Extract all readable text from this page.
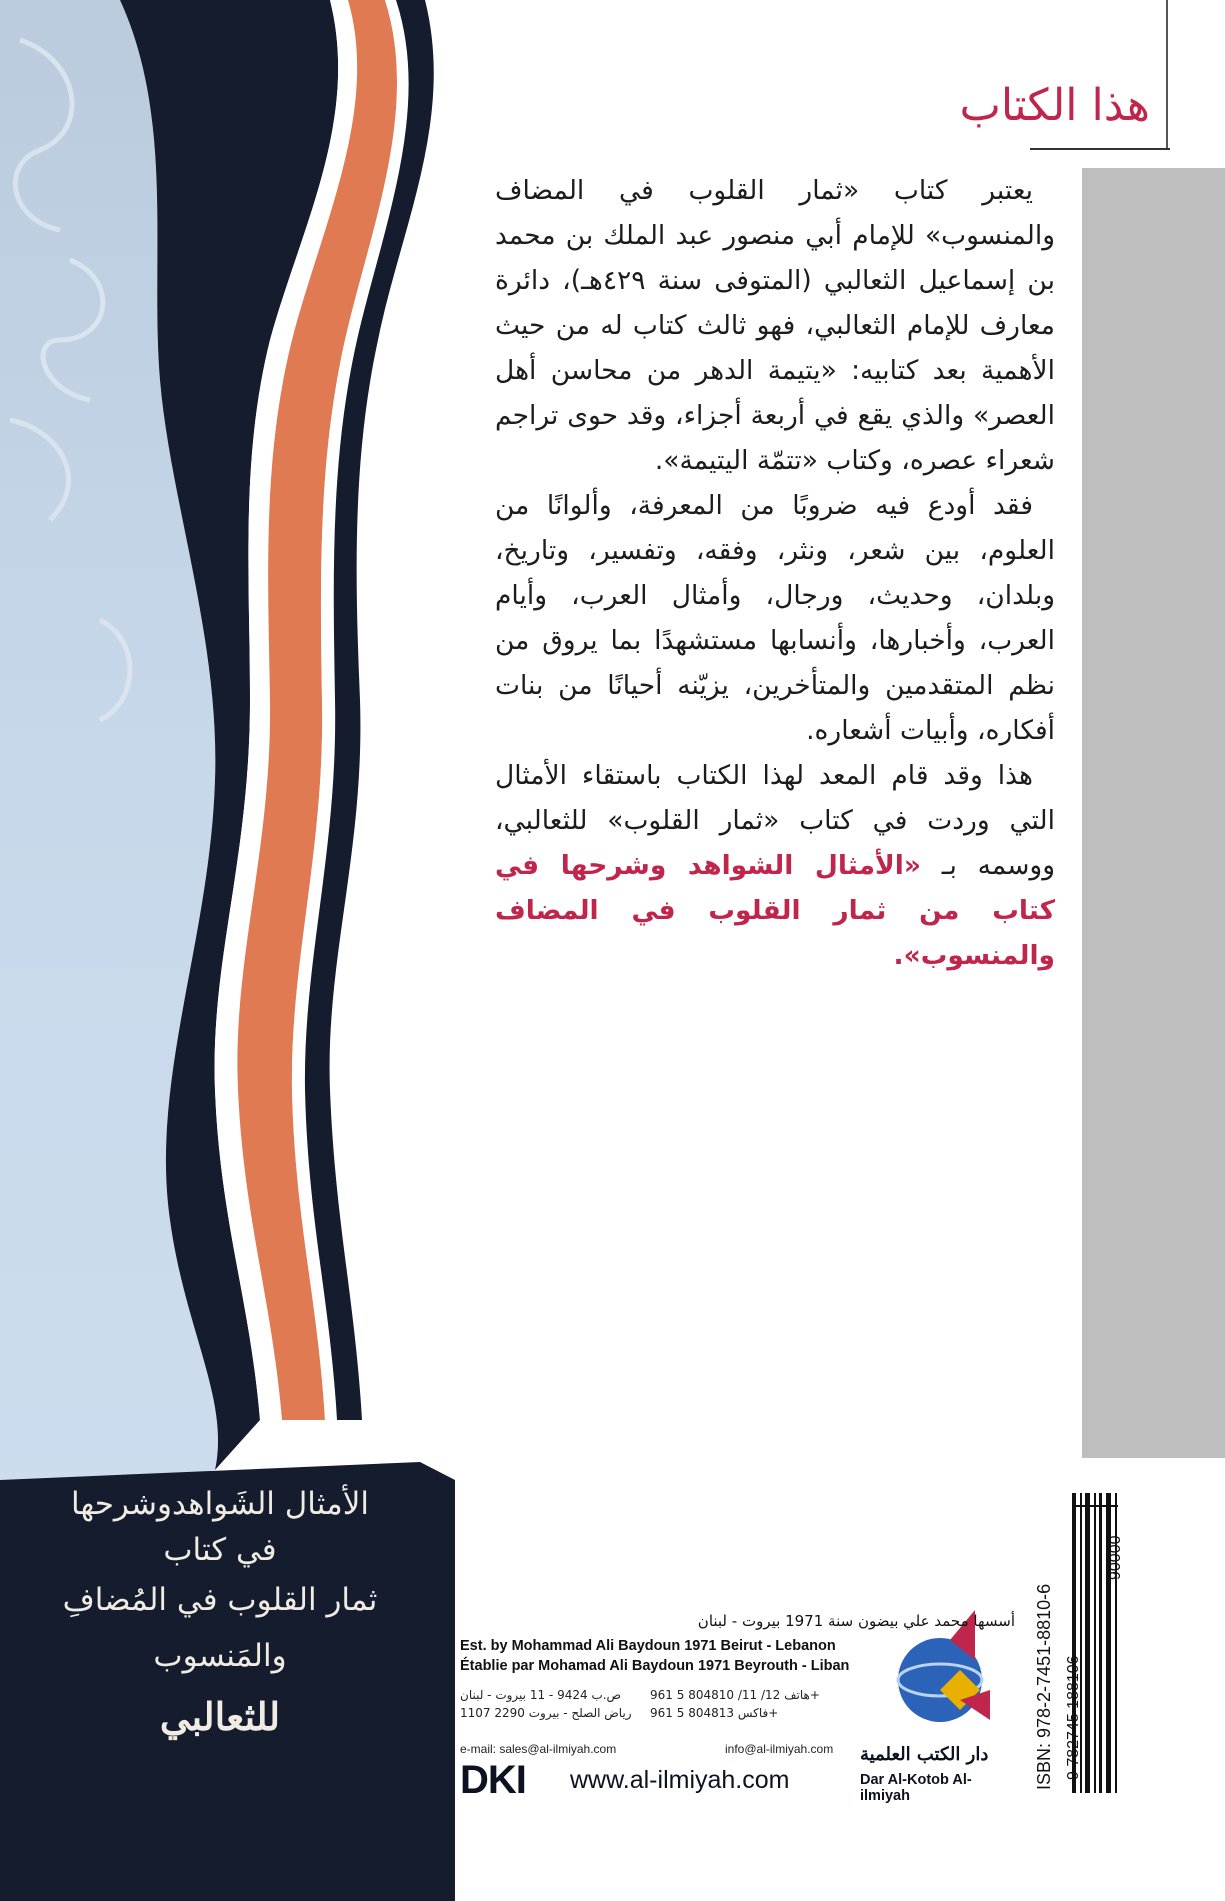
هذا الكتاب

يعتبر كتاب «ثمار القلوب في المضاف والمنسوب» للإمام أبي منصور عبد الملك بن محمد بن إسماعيل الثعالبي (المتوفى سنة ٤٢٩هـ)، دائرة معارف للإمام الثعالبي، فهو ثالث كتاب له من حيث الأهمية بعد كتابيه: «يتيمة الدهر من محاسن أهل العصر» والذي يقع في أربعة أجزاء، وقد حوى تراجم شعراء عصره، وكتاب «تتمّة اليتيمة».

فقد أودع فيه ضروبًا من المعرفة، وألوانًا من العلوم، بين شعر، ونثر، وفقه، وتفسير، وتاريخ، وبلدان، وحديث، ورجال، وأمثال العرب، وأيام العرب، وأخبارها، وأنسابها مستشهدًا بما يروق من نظم المتقدمين والمتأخرين، يزيّنه أحيانًا من بنات أفكاره، وأبيات أشعاره.

هذا وقد قام المعد لهذا الكتاب باستقاء الأمثال التي وردت في كتاب «ثمار القلوب» للثعالبي، ووسمه بـ «الأمثال الشواهد وشرحها في كتاب من ثمار القلوب في المضاف والمنسوب».

الأمثال الشَواهدوشرحها
في كتاب
ثمار القلوب في المُضافِ والمَنسوب
للثعالبي
أسسها محمد علي بيضون سنة 1971 بيروت - لبنان
Est. by Mohammad Ali Baydoun 1971 Beirut - Lebanon
Établie par Mohamad Ali Baydoun 1971 Beyrouth - Liban
ص.ب 9424 - 11 بيروت - لبنان
رياض الصلح - بيروت 2290 1107
هاتف 12/ 11/ 804810 5 961+
فاكس 804813 5 961+
e-mail: sales@al-ilmiyah.com	info@al-ilmiyah.com
DKI www.al-ilmiyah.com
دار الكتب العلمية
Dar Al-Kotob Al-ilmiyah
ISBN: 978-2-7451-8810-6 9 782745 188106
90000
